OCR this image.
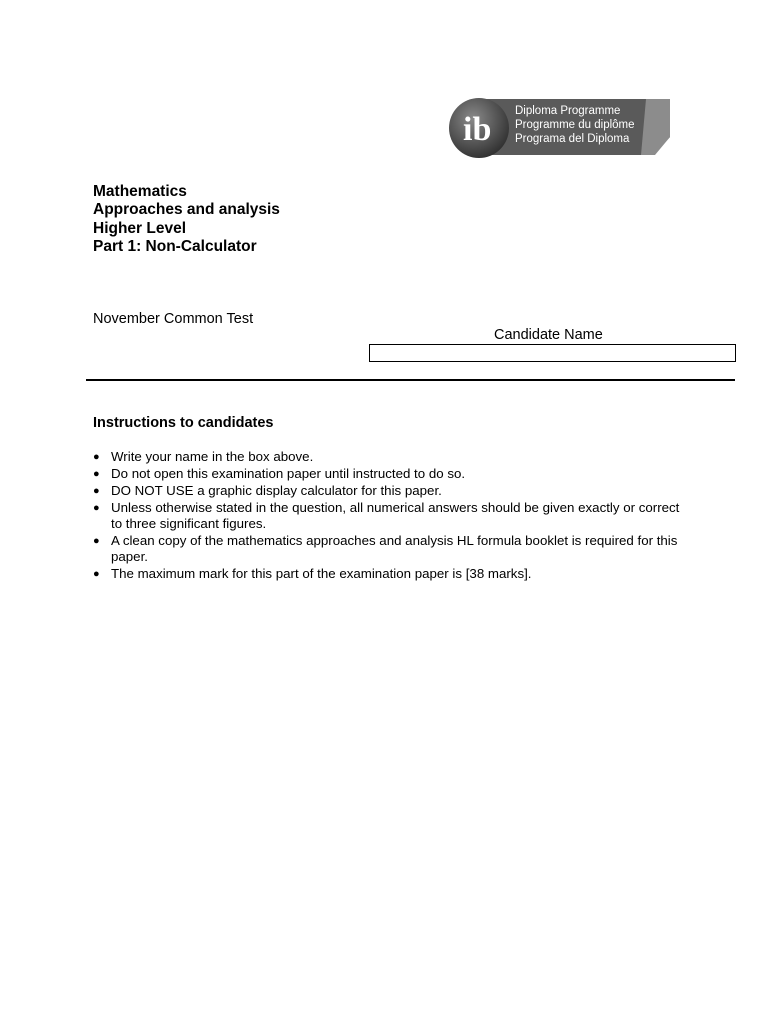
ib Diploma Programme
Programme du diplôme
Programa del Diploma
Mathematics
Approaches and analysis
Higher Level
Part 1: Non-Calculator
November Common Test
Candidate Name
Instructions to candidates
● Write your name in the box above.
● Do not open this examination paper until instructed to do so.
● DO NOT USE a graphic display calculator for this paper.
● Unless otherwise stated in the question, all numerical answers should be given exactly or correct to three significant figures.
● A clean copy of the mathematics approaches and analysis HL formula booklet is required for this paper.
● The maximum mark for this part of the examination paper is [38 marks].
